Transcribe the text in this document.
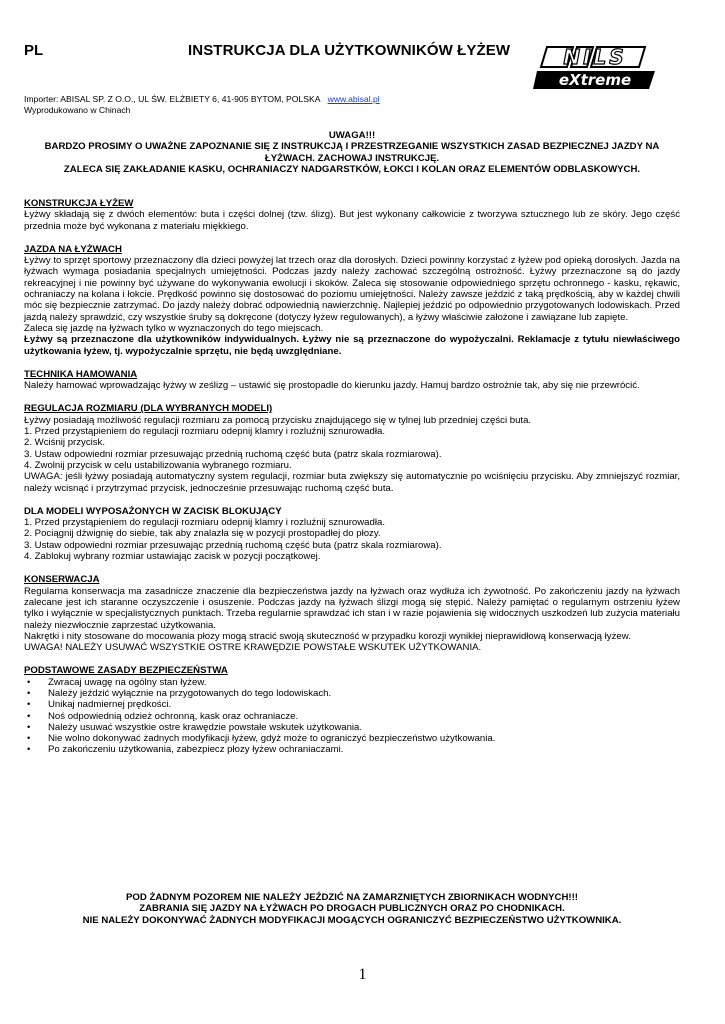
PL	INSTRUKCJA DLA UŻYTKOWNIKÓW ŁYŻEW	NILS
eXtreme
Importer: ABISAL SP. Z O.O., UL ŚW. ELŻBIETY 6, 41-905 BYTOM, POLSKA www.abisal.pl
Wyprodukowano w Chinach
UWAGA!!!
BARDZO PROSIMY O UWAŻNE ZAPOZNANIE SIĘ Z INSTRUKCJĄ I PRZESTRZEGANIE WSZYSTKICH ZASAD BEZPIECZNEJ JAZDY NA ŁYŻWACH. ZACHOWAJ INSTRUKCJĘ.
ZALECA SIĘ ZAKŁADANIE KASKU, OCHRANIACZY NADGARSTKÓW, ŁOKCI I KOLAN ORAZ ELEMENTÓW ODBLASKOWYCH.
KONSTRUKCJA ŁYŻEW

Łyżwy składają się z dwóch elementów: buta i części dolnej (tzw. ślizg). But jest wykonany całkowicie z tworzywa sztucznego lub ze skóry. Jego część przednia może być wykonana z materiału miękkiego.

JAZDA NA ŁYŻWACH

Łyżwy to sprzęt sportowy przeznaczony dla dzieci powyżej lat trzech oraz dla dorosłych. Dzieci powinny korzystać z łyżew pod opieką dorosłych. Jazda na łyżwach wymaga posiadania specjalnych umiejętności. Podczas jazdy należy zachować szczególną ostrożność. Łyżwy przeznaczone są do jazdy rekreacyjnej i nie powinny być używane do wykonywania ewolucji i skoków. Zaleca się stosowanie odpowiedniego sprzętu ochronnego - kasku, rękawic, ochraniaczy na kolana i łokcie. Prędkość powinno się dostosować do poziomu umiejętności. Należy zawsze jeździć z taką prędkością, aby w każdej chwili móc się bezpiecznie zatrzymać. Do jazdy należy dobrać odpowiednią nawierzchnię. Najlepiej jeździć po odpowiednio przygotowanych lodowiskach. Przed jazdą należy sprawdzić, czy wszystkie śruby są dokręcone (dotyczy łyżew regulowanych), a łyżwy właściwie założone i zawiązane lub zapięte.

Zaleca się jazdę na łyżwach tylko w wyznaczonych do tego miejscach.

Łyżwy są przeznaczone dla użytkowników indywidualnych. Łyżwy nie są przeznaczone do wypożyczalni. Reklamacje z tytułu niewłaściwego użytkowania łyżew, tj. wypożyczalnie sprzętu, nie będą uwzględniane.

TECHNIKA HAMOWANIA

Należy hamować wprowadzając łyżwy w ześlizg – ustawić się prostopadle do kierunku jazdy. Hamuj bardzo ostrożnie tak, aby się nie przewrócić.

REGULACJA ROZMIARU (DLA WYBRANYCH MODELI)

Łyżwy posiadają możliwość regulacji rozmiaru za pomocą przycisku znajdującego się w tylnej lub przedniej części buta.

1. Przed przystąpieniem do regulacji rozmiaru odepnij klamry i rozluźnij sznurowadła.

2. Wciśnij przycisk.

3. Ustaw odpowiedni rozmiar przesuwając przednią ruchomą część buta (patrz skala rozmiarowa).

4. Zwolnij przycisk w celu ustabilizowania wybranego rozmiaru.

UWAGA: jeśli łyżwy posiadają automatyczny system regulacji, rozmiar buta zwiększy się automatycznie po wciśnięciu przycisku. Aby zmniejszyć rozmiar, należy wcisnąć i przytrzymać przycisk, jednocześnie przesuwając ruchomą część buta.

DLA MODELI WYPOSAŻONYCH W ZACISK BLOKUJĄCY

1. Przed przystąpieniem do regulacji rozmiaru odepnij klamry i rozluźnij sznurowadła.

2. Pociągnij dźwignię do siebie, tak aby znalazła się w pozycji prostopadłej do płozy.

3. Ustaw odpowiedni rozmiar przesuwając przednią ruchomą część buta (patrz skala rozmiarowa).

4. Zablokuj wybrany rozmiar ustawiając zacisk w pozycji początkowej.

KONSERWACJA

Regularna konserwacja ma zasadnicze znaczenie dla bezpieczeństwa jazdy na łyżwach oraz wydłuża ich żywotność. Po zakończeniu jazdy na łyżwach zalecane jest ich staranne oczyszczenie i osuszenie. Podczas jazdy na łyżwach ślizgi mogą się stępić. Należy pamiętać o regularnym ostrzeniu łyżew tylko i wyłącznie w specjalistycznych punktach. Trzeba regularnie sprawdzać ich stan i w razie pojawienia się widocznych uszkodzeń lub zużycia materiału należy niezwłocznie zaprzestać użytkowania.

Nakrętki i nity stosowane do mocowania płozy mogą stracić swoją skuteczność w przypadku korozji wynikłej nieprawidłową konserwacją łyżew.

UWAGA! NALEŻY USUWAĆ WSZYSTKIE OSTRE KRAWĘDZIE POWSTAŁE WSKUTEK UŻYTKOWANIA.

PODSTAWOWE ZASADY BEZPIECZEŃSTWA
• Zwracaj uwagę na ogólny stan łyżew.
• Należy jeździć wyłącznie na przygotowanych do tego lodowiskach.
• Unikaj nadmiernej prędkości.
• Noś odpowiednią odzież ochronną, kask oraz ochraniacze.
• Należy usuwać wszystkie ostre krawędzie powstałe wskutek użytkowania.
• Nie wolno dokonywać żadnych modyfikacji łyżew, gdyż może to ograniczyć bezpieczeństwo użytkowania.
• Po zakończeniu użytkowania, zabezpiecz płozy łyżew ochraniaczami.
POD ŻADNYM POZOREM NIE NALEŻY JEŹDZIĆ NA ZAMARZNIĘTYCH ZBIORNIKACH WODNYCH!!!
ZABRANIA SIĘ JAZDY NA ŁYŻWACH PO DROGACH PUBLICZNYCH ORAZ PO CHODNIKACH.
NIE NALEŻY DOKONYWAĆ ŻADNYCH MODYFIKACJI MOGĄCYCH OGRANICZYĆ BEZPIECZEŃSTWO UŻYTKOWNIKA.
1
